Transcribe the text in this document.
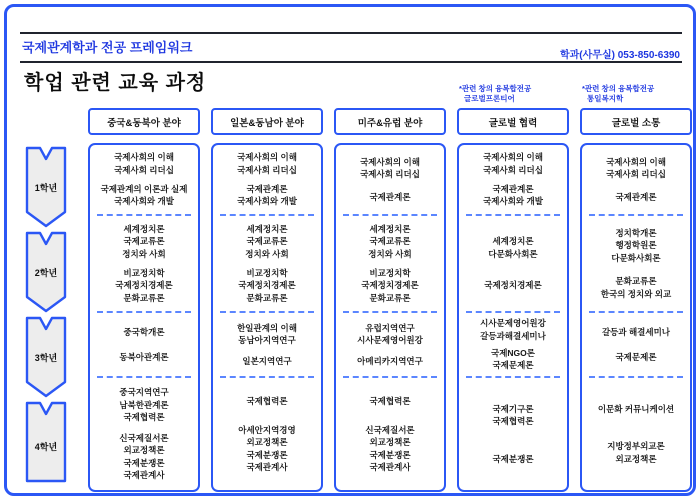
국제관계학과 전공 프레임워크
학과(사무실) 053-850-6390
학업 관련 교육 과정
1학년
2학년
3학년
4학년
중국&동북아 분야
국제사회의 이해
국제사회 리더십
국제관계의 이론과 실제
국제사회와 개발
세계정치론
국제교류론
정치와 사회
비교정치학
국제정치경제론
문화교류론
중국학개론
동북아관계론
중국지역연구
남북한관계론
국제협력론
신국제질서론
외교정책론
국제분쟁론
국제관계사
일본&동남아 분야
국제사회의 이해
국제사회 리더십
국제관계론
국제사회와 개발
세계정치론
국제교류론
정치와 사회
비교정치학
국제정치경제론
문화교류론
한일관계의 이해
동남아지역연구
일본지역연구
국제협력론
아세안지역경영
외교정책론
국제분쟁론
국제관계사
미주&유럽 분야
국제사회의 이해
국제사회 리더십
국제관계론
세계정치론
국제교류론
정치와 사회
비교정치학
국제정치경제론
문화교류론
유럽지역연구
시사문제영어원강
아메리카지역연구
국제협력론
신국제질서론
외교정책론
국제분쟁론
국제관계사
*관련 창의 융복합전공
글로벌프론티어
글로벌 협력
국제사회의 이해
국제사회 리더십
국제관계론
국제사회와 개발
세계정치론
다문화사회론
국제정치경제론
시사문제영어원강
갈등과해결세미나
국제NGO론
국제문제론
국제기구론
국제협력론
국제분쟁론
*관련 창의 융복합전공
통일복지학
글로벌 소통
국제사회의 이해
국제사회 리더십
국제관계론
정치학개론
행정학원론
다문화사회론
문화교류론
한국의 정치와 외교
갈등과 해결세미나
국제문제론
이문화 커뮤니케이션
지방정부외교론
외교정책론
